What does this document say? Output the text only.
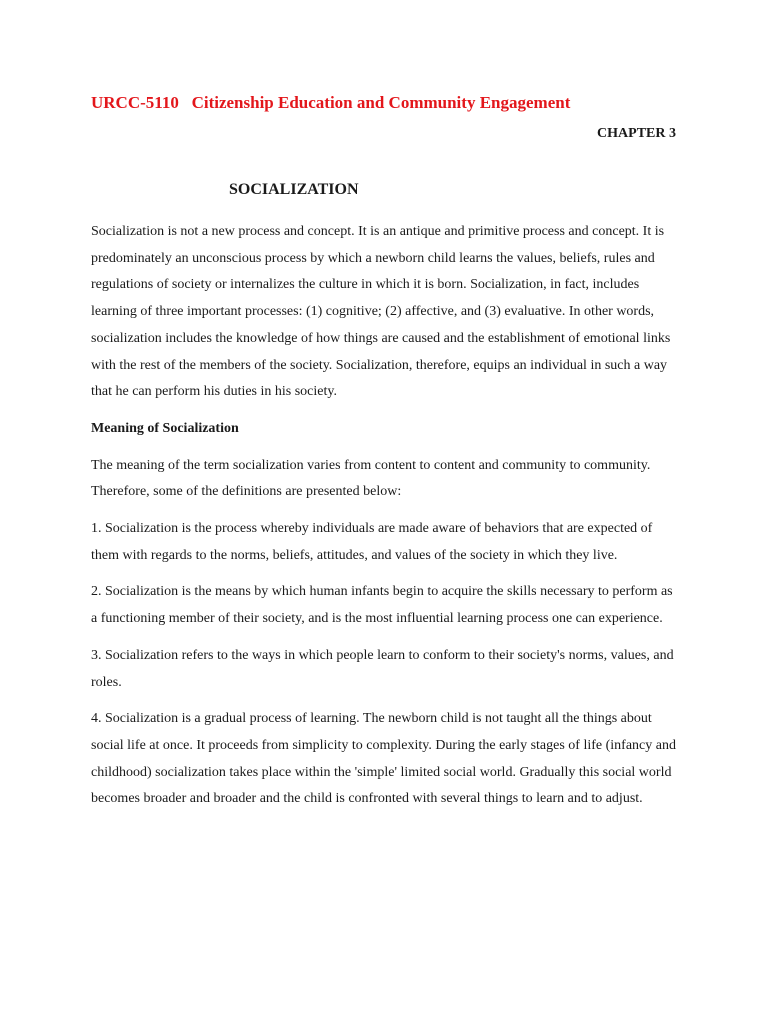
URCC-5110   Citizenship Education and Community Engagement

CHAPTER 3

SOCIALIZATION

Socialization is not a new process and concept. It is an antique and primitive process and concept. It is predominately an unconscious process by which a newborn child learns the values, beliefs, rules and regulations of society or internalizes the culture in which it is born. Socialization, in fact, includes learning of three important processes: (1) cognitive; (2) affective, and (3) evaluative. In other words, socialization includes the knowledge of how things are caused and the establishment of emotional links with the rest of the members of the society. Socialization, therefore, equips an individual in such a way that he can perform his duties in his society.

Meaning of Socialization

The meaning of the term socialization varies from content to content and community to community. Therefore, some of the definitions are presented below:

1. Socialization is the process whereby individuals are made aware of behaviors that are expected of them with regards to the norms, beliefs, attitudes, and values of the society in which they live.

2. Socialization is the means by which human infants begin to acquire the skills necessary to perform as a functioning member of their society, and is the most influential learning process one can experience.

3. Socialization refers to the ways in which people learn to conform to their society's norms, values, and roles.

4. Socialization is a gradual process of learning. The newborn child is not taught all the things about social life at once. It proceeds from simplicity to complexity. During the early stages of life (infancy and childhood) socialization takes place within the 'simple' limited social world. Gradually this social world becomes broader and broader and the child is confronted with several things to learn and to adjust.
